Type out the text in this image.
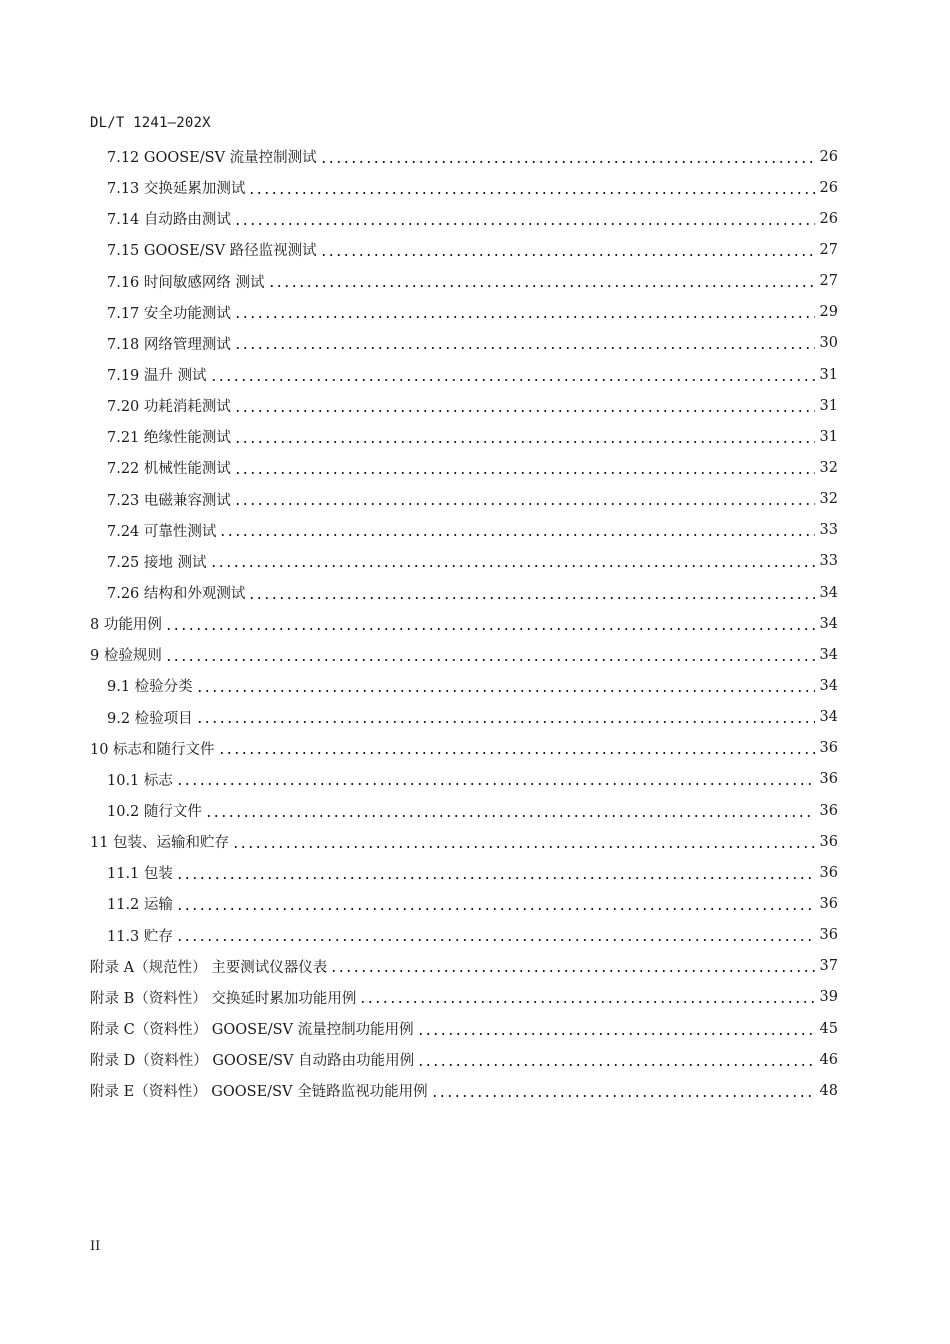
DL/T 1241—202X
7.12 GOOSE/SV 流量控制测试	26
7.13 交换延累加测试	26
7.14 自动路由测试	26
7.15 GOOSE/SV 路径监视测试	27
7.16 时间敏感网络 测试	27
7.17 安全功能测试	29
7.18 网络管理测试	30
7.19 温升 测试	31
7.20 功耗消耗测试	31
7.21 绝缘性能测试	31
7.22 机械性能测试	32
7.23 电磁兼容测试	32
7.24 可靠性测试	33
7.25 接地 测试	33
7.26 结构和外观测试	34
8 功能用例	34
9 检验规则	34
9.1 检验分类	34
9.2 检验项目	34
10 标志和随行文件	36
10.1 标志	36
10.2 随行文件	36
11 包装、运输和贮存	36
11.1 包装	36
11.2 运输	36
11.3 贮存	36
附录 A（规范性） 主要测试仪器仪表	37
附录 B（资料性） 交换延时累加功能用例	39
附录 C（资料性） GOOSE/SV 流量控制功能用例	45
附录 D（资料性） GOOSE/SV 自动路由功能用例	46
附录 E（资料性） GOOSE/SV 全链路监视功能用例	48
II
